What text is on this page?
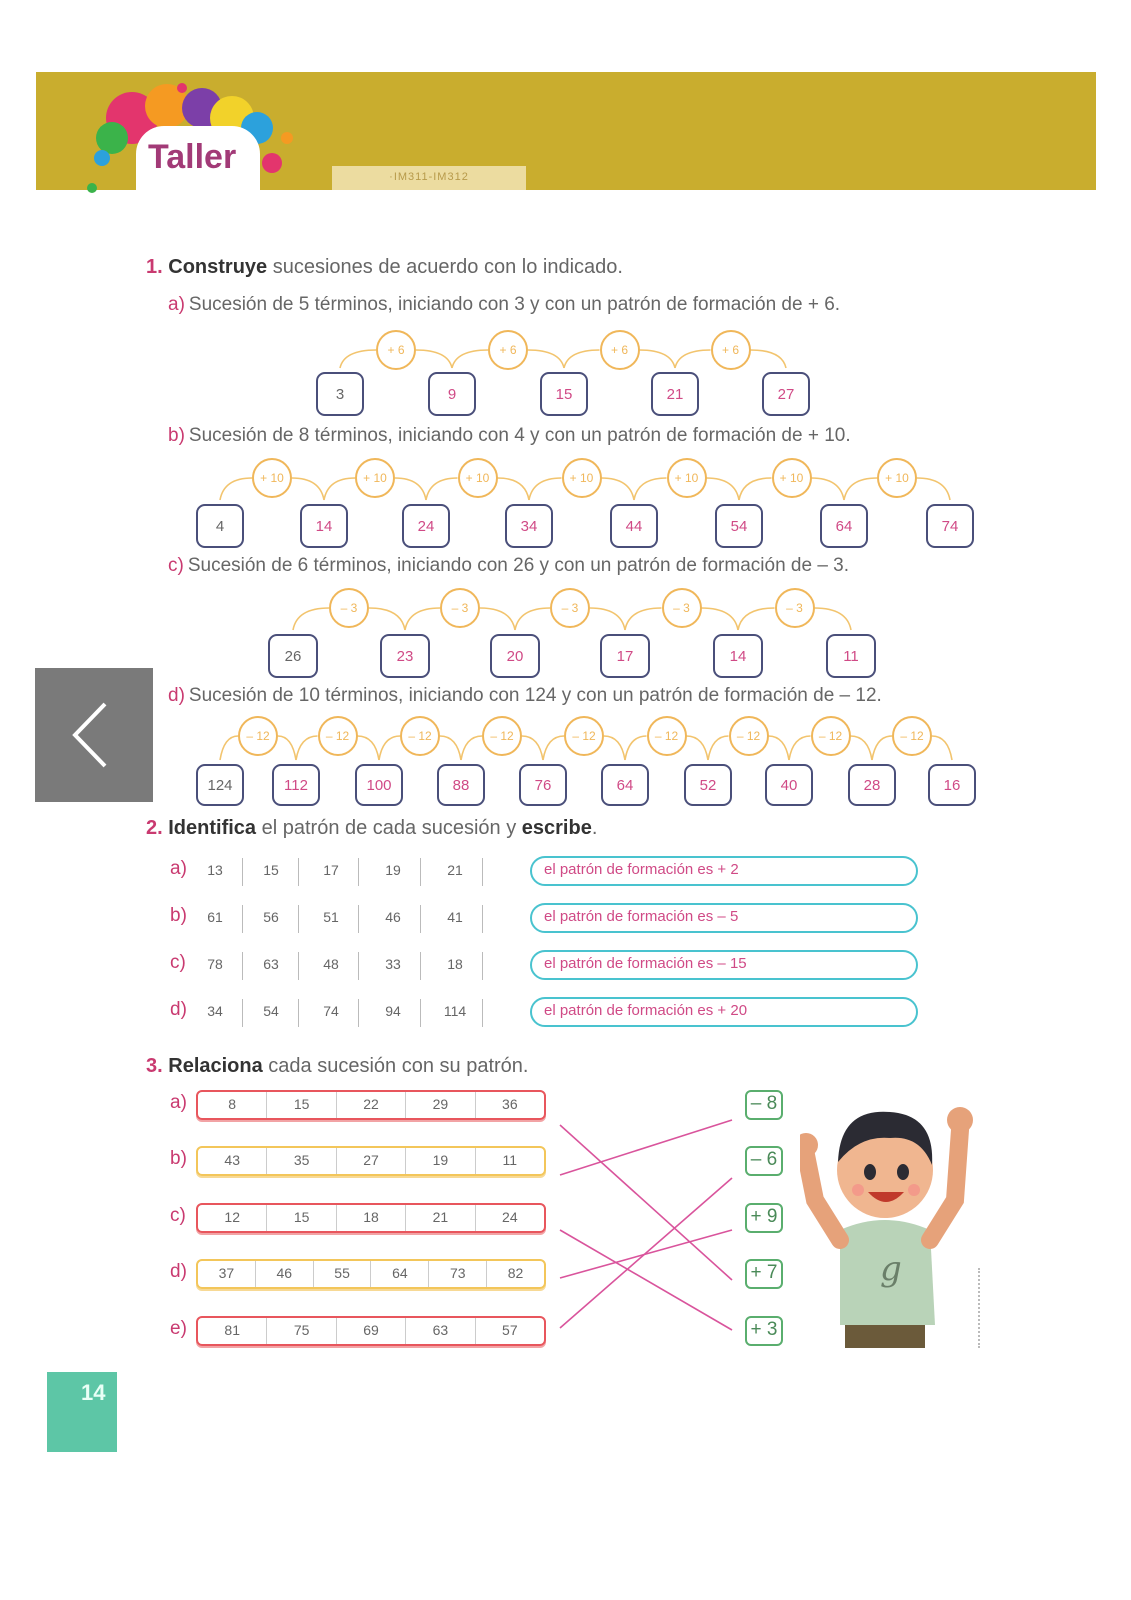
Taller
·IM311-IM312
1. Construye sucesiones de acuerdo con lo indicado.
a) Sucesión de 5 términos, iniciando con 3 y con un patrón de formación de + 6.
+ 6
3
+ 6
9
+ 6
15
+ 6
21	27
b) Sucesión de 8 términos, iniciando con 4 y con un patrón de formación de + 10.
+ 10
4
+ 10
14
+ 10
24
+ 10
34
+ 10
44
+ 10
54
+ 10
64	74
c) Sucesión de 6 términos, iniciando con 26 y con un patrón de formación de – 3.
– 3
26
– 3
23
– 3
20
– 3
17
– 3
14	11
d) Sucesión de 10 términos, iniciando con 124 y con un patrón de formación de – 12.
– 12
124
– 12
112
– 12
100
– 12
88
– 12
76
– 12
64
– 12
52
– 12
40
– 12
28	16
2. Identifica el patrón de cada sucesión y escribe.
a)	13	15	17	19	21	el patrón de formación es + 2
b)	61	56	51	46	41	el patrón de formación es – 5
c)	78	63	48	33	18	el patrón de formación es – 15
d)	34	54	74	94	114	el patrón de formación es + 20
3. Relaciona cada sucesión con su patrón.
a)	8	15	22	29	36
b)	43	35	27	19	11
c)	12	15	18	21	24
d)	37	46	55	64	73	82
e)	81	75	69	63	57
– 8
– 6
+ 9
+ 7
+ 3
g
14
